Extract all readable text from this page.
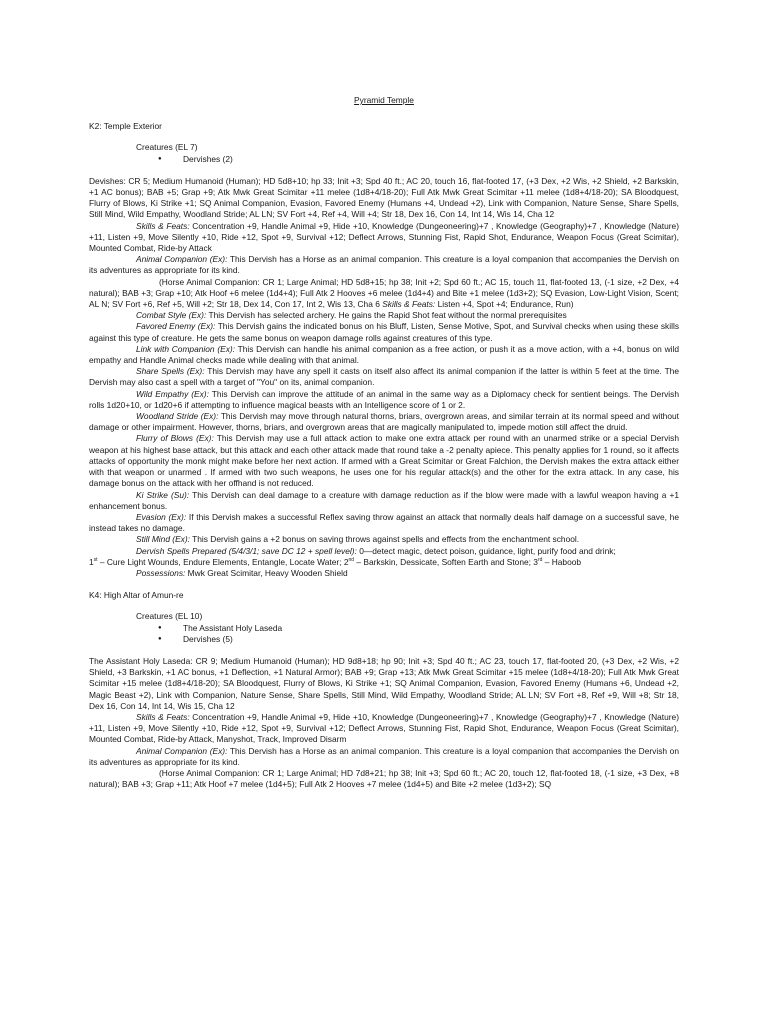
Pyramid Temple
K2: Temple Exterior
Creatures (EL 7)
● Dervishes (2)

Devishes: CR 5; Medium Humanoid (Human); HD 5d8+10; hp 33; Init +3; Spd 40 ft.; AC 20, touch 16, flat-footed 17, (+3 Dex, +2 Wis, +2 Shield, +2 Barkskin, +1 AC bonus); BAB +5; Grap +9; Atk Mwk Great Scimitar +11 melee (1d8+4/18-20); Full Atk Mwk Great Scimitar +11 melee (1d8+4/18-20); SA Bloodquest, Flurry of Blows, Ki Strike +1; SQ Animal Companion, Evasion, Favored Enemy (Humans +4, Undead +2), Link with Companion, Nature Sense, Share Spells, Still Mind, Wild Empathy, Woodland Stride; AL LN; SV Fort +4, Ref +4, Will +4; Str 18, Dex 16, Con 14, Int 14, Wis 14, Cha 12

Skills & Feats: Concentration +9, Handle Animal +9, Hide +10, Knowledge (Dungeoneering)+7 , Knowledge (Geography)+7 , Knowledge (Nature) +11, Listen +9, Move Silently +10, Ride +12, Spot +9, Survival +12; Deflect Arrows, Stunning Fist, Rapid Shot, Endurance, Weapon Focus (Great Scimitar), Mounted Combat, Ride-by Attack

Animal Companion (Ex): This Dervish has a Horse as an animal companion. This creature is a loyal companion that accompanies the Dervish on its adventures as appropriate for its kind.

(Horse Animal Companion: CR 1; Large Animal; HD 5d8+15; hp 38; Init +2; Spd 60 ft.; AC 15, touch 11, flat-footed 13, (-1 size, +2 Dex, +4 natural); BAB +3; Grap +10; Atk Hoof +6 melee (1d4+4); Full Atk 2 Hooves +6 melee (1d4+4) and Bite +1 melee (1d3+2); SQ Evasion, Low-Light Vision, Scent; AL N; SV Fort +6, Ref +5, Will +2; Str 18, Dex 14, Con 17, Int 2, Wis 13, Cha 6 Skills & Feats: Listen +4, Spot +4; Endurance, Run)

Combat Style (Ex): This Dervish has selected archery. He gains the Rapid Shot feat without the normal prerequisites

Favored Enemy (Ex): This Dervish gains the indicated bonus on his Bluff, Listen, Sense Motive, Spot, and Survival checks when using these skills against this type of creature. He gets the same bonus on weapon damage rolls against creatures of this type.

Link with Companion (Ex): This Dervish can handle his animal companion as a free action, or push it as a move action, with a +4, bonus on wild empathy and Handle Animal checks made while dealing with that animal.

Share Spells (Ex): This Dervish may have any spell it casts on itself also affect its animal companion if the latter is within 5 feet at the time. The Dervish may also cast a spell with a target of "You" on its, animal companion.

Wild Empathy (Ex): This Dervish can improve the attitude of an animal in the same way as a Diplomacy check for sentient beings. The Dervish rolls 1d20+10, or 1d20+6 if attempting to influence magical beasts with an Intelligence score of 1 or 2.

Woodland Stride (Ex): This Dervish may move through natural thorns, briars, overgrown areas, and similar terrain at its normal speed and without damage or other impairment. However, thorns, briars, and overgrown areas that are magically manipulated to, impede motion still affect the druid.

Flurry of Blows (Ex): This Dervish may use a full attack action to make one extra attack per round with an unarmed strike or a special Dervish weapon at his highest base attack, but this attack and each other attack made that round take a -2 penalty apiece. This penalty applies for 1 round, so it affects attacks of opportunity the monk might make before her next action. If armed with a Great Scimitar or Great Falchion, the Dervish makes the extra attack either with that weapon or unarmed . If armed with two such weapons, he uses one for his regular attack(s) and the other for the extra attack. In any case, his damage bonus on the attack with her offhand is not reduced.

Ki Strike (Su): This Dervish can deal damage to a creature with damage reduction as if the blow were made with a lawful weapon having a +1 enhancement bonus.

Evasion (Ex): If this Dervish makes a successful Reflex saving throw against an attack that normally deals half damage on a successful save, he instead takes no damage.

Still Mind (Ex): This Dervish gains a +2 bonus on saving throws against spells and effects from the enchantment school.

Dervish Spells Prepared (5/4/3/1; save DC 12 + spell level): 0—detect magic, detect poison, guidance, light, purify food and drink;
1st – Cure Light Wounds, Endure Elements, Entangle, Locate Water; 2nd – Barkskin, Dessicate, Soften Earth and Stone; 3rd – Haboob

Possessions: Mwk Great Scimitar, Heavy Wooden Shield

K4: High Altar of Amun-re
Creatures (EL 10)
● The Assistant Holy Laseda
● Dervishes (5)

The Assistant Holy Laseda: CR 9; Medium Humanoid (Human); HD 9d8+18; hp 90; Init +3; Spd 40 ft.; AC 23, touch 17, flat-footed 20, (+3 Dex, +2 Wis, +2 Shield, +3 Barkskin, +1 AC bonus, +1 Deflection, +1 Natural Armor); BAB +9; Grap +13; Atk Mwk Great Scimitar +15 melee (1d8+4/18-20); Full Atk Mwk Great Scimitar +15 melee (1d8+4/18-20); SA Bloodquest, Flurry of Blows, Ki Strike +1; SQ Animal Companion, Evasion, Favored Enemy (Humans +6, Undead +2, Magic Beast +2), Link with Companion, Nature Sense, Share Spells, Still Mind, Wild Empathy, Woodland Stride; AL LN; SV Fort +8, Ref +9, Will +8; Str 18, Dex 16, Con 14, Int 14, Wis 15, Cha 12

Skills & Feats: Concentration +9, Handle Animal +9, Hide +10, Knowledge (Dungeoneering)+7 , Knowledge (Geography)+7 , Knowledge (Nature) +11, Listen +9, Move Silently +10, Ride +12, Spot +9, Survival +12; Deflect Arrows, Stunning Fist, Rapid Shot, Endurance, Weapon Focus (Great Scimitar), Mounted Combat, Ride-by Attack, Manyshot, Track, Improved Disarm

Animal Companion (Ex): This Dervish has a Horse as an animal companion. This creature is a loyal companion that accompanies the Dervish on its adventures as appropriate for its kind.

(Horse Animal Companion: CR 1; Large Animal; HD 7d8+21; hp 38; Init +3; Spd 60 ft.; AC 20, touch 12, flat-footed 18, (-1 size, +3 Dex, +8 natural); BAB +3; Grap +11; Atk Hoof +7 melee (1d4+5); Full Atk 2 Hooves +7 melee (1d4+5) and Bite +2 melee (1d3+2); SQ
